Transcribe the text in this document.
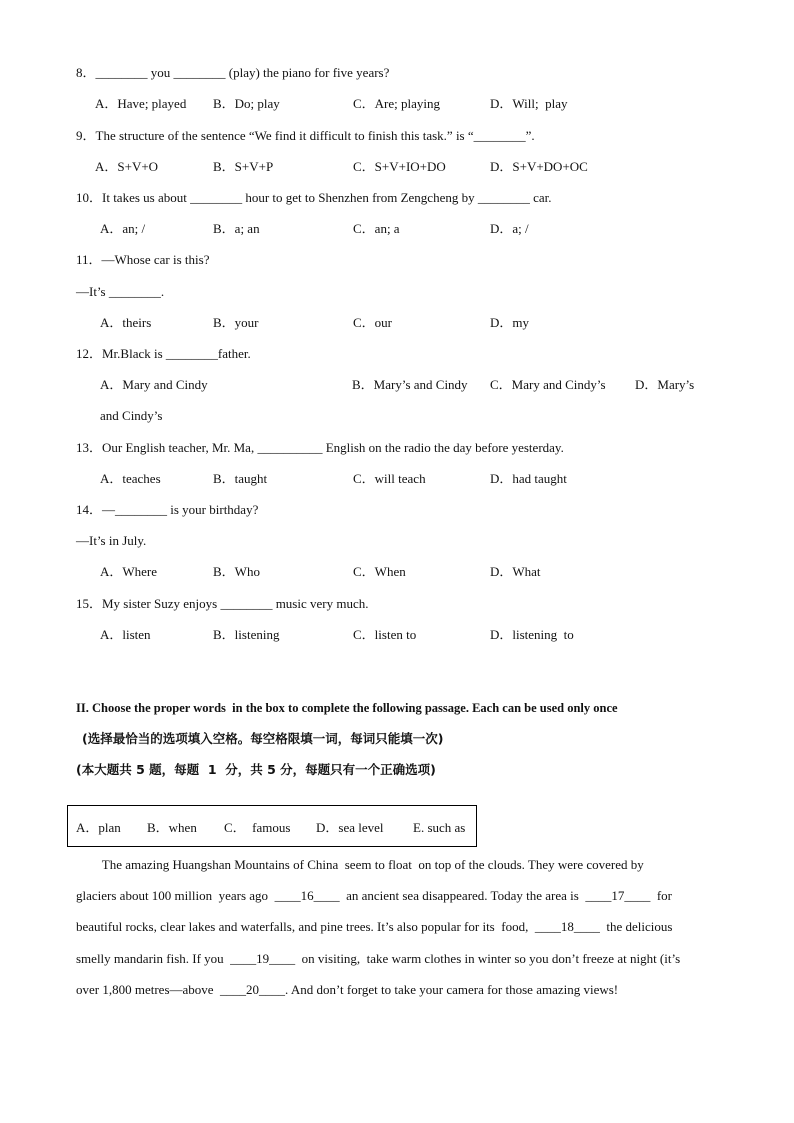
8．________ you ________ (play) the piano for five years?
A．Have; played B．Do; play	C．Are; playing	D．Will;  play
9．The structure of the sentence “We find it difficult to finish this task.” is “________”.
A．S+V+O	B．S+V+P	C．S+V+IO+DO	D．S+V+DO+OC
10．It takes us about ________ hour to get to Shenzhen from Zengcheng by ________ car.
A．an; /	B．a; an	C．an; a	D．a; /
11．—Whose car is this?
—It’s ________.
A．theirs	B．your	C．our	D．my
12．Mr.Black is ________father.
A．Mary and Cindy	B．Mary’s and Cindy C．Mary and Cindy’s D．Mary’s
and Cindy’s
13．Our English teacher, Mr. Ma, __________ English on the radio the day before yesterday.
A．teaches	B．taught	C．will teach	D．had taught
14．—________ is your birthday?
—It’s in July.
A．Where	B．Who	C．When	D．What
15．My sister Suzy enjoys ________ music very much.
A．listen	B．listening	C．listen to	D．listening  to
II. Choose the proper words  in the box to complete the following passage. Each can be used only once
(选择最恰当的选项填入空格。每空格限填一词，每词只能填一次)
(本大题共 5 题，每题  1  分，共 5 分，每题只有一个正确选项)
A．plan B．when C．  famous D．sea level E. such as
The amazing Huangshan Mountains of China  seem to float  on top of the clouds. They were covered by
glaciers about 100 million  years ago  ____16____  an ancient sea disappeared. Today the area is  ____17____  for
beautiful rocks, clear lakes and waterfalls, and pine trees. It’s also popular for its  food,  ____18____  the delicious
smelly mandarin fish. If you  ____19____  on visiting,  take warm clothes in winter so you don’t freeze at night (it’s
over 1,800 metres—above  ____20____. And don’t forget to take your camera for those amazing views!
